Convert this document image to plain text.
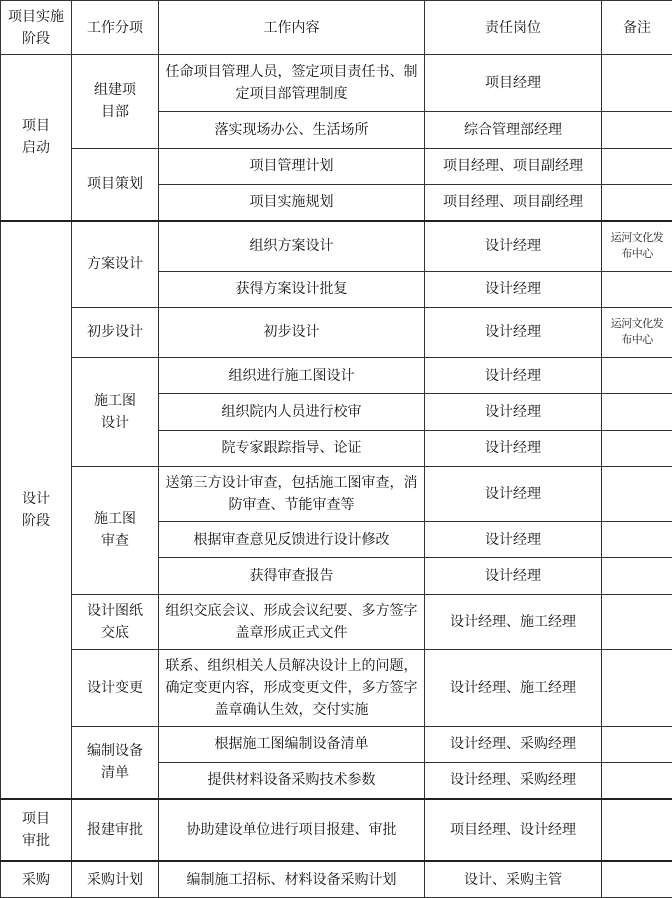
项目实施阶段	工作分项	工作内容	责任岗位	备注
项目启动	组建项目部	任命项目管理人员，签定项目责任书、制定项目部管理制度	项目经理	
		落实现场办公、生活场所	综合管理部经理	
	项目策划	项目管理计划	项目经理、项目副经理	
		项目实施规划	项目经理、项目副经理	
设计阶段	方案设计	组织方案设计	设计经理	运河文化发布中心
		获得方案设计批复	设计经理	
	初步设计	初步设计	设计经理	运河文化发布中心
	施工图设计	组织进行施工图设计	设计经理	
		组织院内人员进行校审	设计经理	
		院专家跟踪指导、论证	设计经理	
	施工图审查	送第三方设计审查，包括施工图审查，消防审查、节能审查等	设计经理	
		根据审查意见反馈进行设计修改	设计经理	
		获得审查报告	设计经理	
	设计图纸交底	组织交底会议、形成会议纪要、多方签字盖章形成正式文件	设计经理、施工经理	
	设计变更	联系、组织相关人员解决设计上的问题，确定变更内容，形成变更文件，多方签字盖章确认生效，交付实施	设计经理、施工经理	
	编制设备清单	根据施工图编制设备清单	设计经理、采购经理	
		提供材料设备采购技术参数	设计经理、采购经理	
项目审批	报建审批	协助建设单位进行项目报建、审批	项目经理、设计经理	
采购	采购计划	编制施工招标、材料设备采购计划	设计、采购主管	
